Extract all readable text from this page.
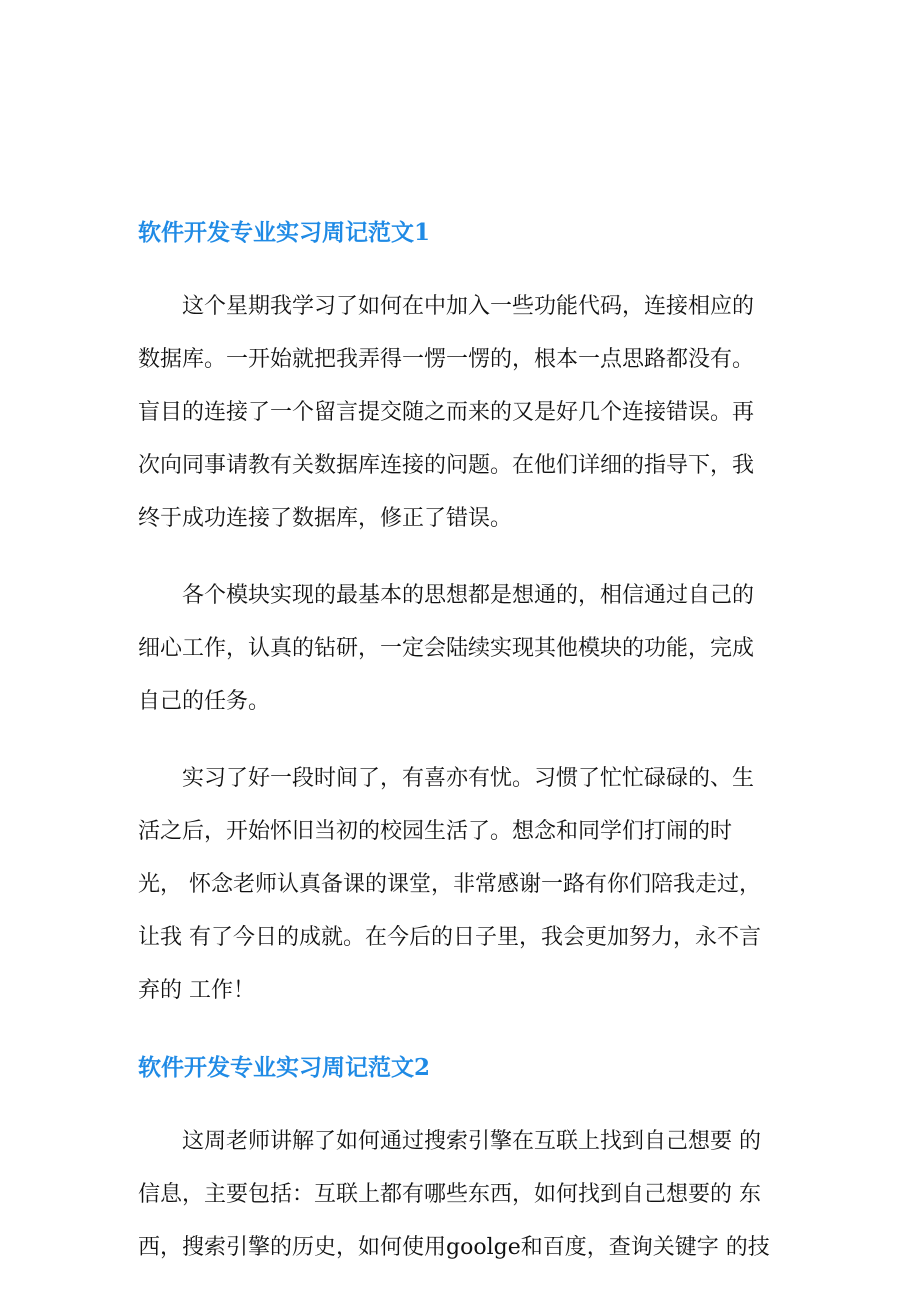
软件开发专业实习周记范文1

这个星期我学习了如何在中加入一些功能代码，连接相应的
数据库。一开始就把我弄得一愣一愣的，根本一点思路都没有。
盲目的连接了一个留言提交随之而来的又是好几个连接错误。再
次向同事请教有关数据库连接的问题。在他们详细的指导下，我
终于成功连接了数据库，修正了错误。

各个模块实现的最基本的思想都是想通的，相信通过自己的
细心工作，认真的钻研，一定会陆续实现其他模块的功能，完成
自己的任务。

实习了好一段时间了，有喜亦有忧。习惯了忙忙碌碌的、生
活之后，开始怀旧当初的校园生活了。想念和同学们打闹的时
光， 怀念老师认真备课的课堂，非常感谢一路有你们陪我走过，
让我 有了今日的成就。在今后的日子里，我会更加努力，永不言
弃的 工作！

软件开发专业实习周记范文2

这周老师讲解了如何通过搜索引擎在互联上找到自己想要 的
信息，主要包括：互联上都有哪些东西，如何找到自己想要的 东
西，搜索引擎的历史，如何使用goolge和百度，查询关键字 的技
